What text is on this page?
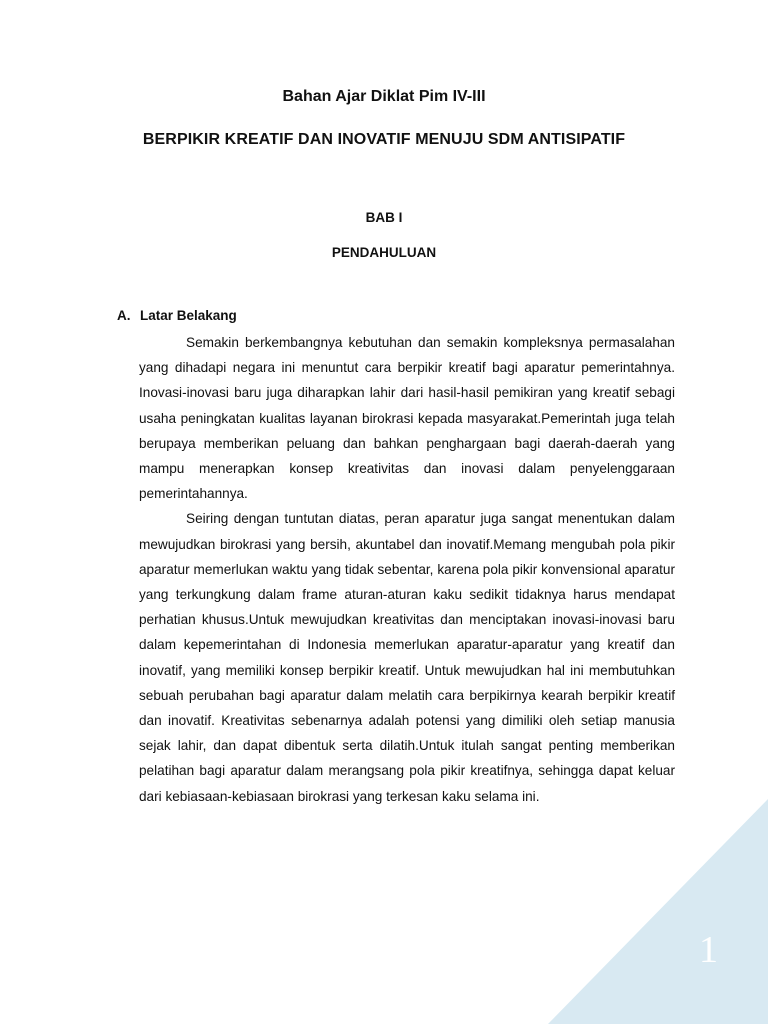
Bahan Ajar Diklat Pim IV-III
BERPIKIR KREATIF DAN INOVATIF MENUJU SDM ANTISIPATIF
BAB I
PENDAHULUAN
A. Latar Belakang

Semakin berkembangnya kebutuhan dan semakin kompleksnya permasalahan yang dihadapi negara ini menuntut cara berpikir kreatif bagi aparatur pemerintahnya. Inovasi-inovasi baru juga diharapkan lahir dari hasil-hasil pemikiran yang kreatif sebagi usaha peningkatan kualitas layanan birokrasi kepada masyarakat.Pemerintah juga telah berupaya memberikan peluang dan bahkan penghargaan bagi daerah-daerah yang mampu menerapkan konsep kreativitas dan inovasi dalam penyelenggaraan pemerintahannya.

Seiring dengan tuntutan diatas, peran aparatur juga sangat menentukan dalam mewujudkan birokrasi yang bersih, akuntabel dan inovatif.Memang mengubah pola pikir aparatur memerlukan waktu yang tidak sebentar, karena pola pikir konvensional aparatur yang terkungkung dalam frame aturan-aturan kaku sedikit tidaknya harus mendapat perhatian khusus.Untuk mewujudkan kreativitas dan menciptakan inovasi-inovasi baru dalam kepemerintahan di Indonesia memerlukan aparatur-aparatur yang kreatif dan inovatif, yang memiliki konsep berpikir kreatif. Untuk mewujudkan hal ini membutuhkan sebuah perubahan bagi aparatur dalam melatih cara berpikirnya kearah berpikir kreatif dan inovatif. Kreativitas sebenarnya adalah potensi yang dimiliki oleh setiap manusia sejak lahir, dan dapat dibentuk serta dilatih.Untuk itulah sangat penting memberikan pelatihan bagi aparatur dalam merangsang pola pikir kreatifnya, sehingga dapat keluar dari kebiasaan-kebiasaan birokrasi yang terkesan kaku selama ini.

1
